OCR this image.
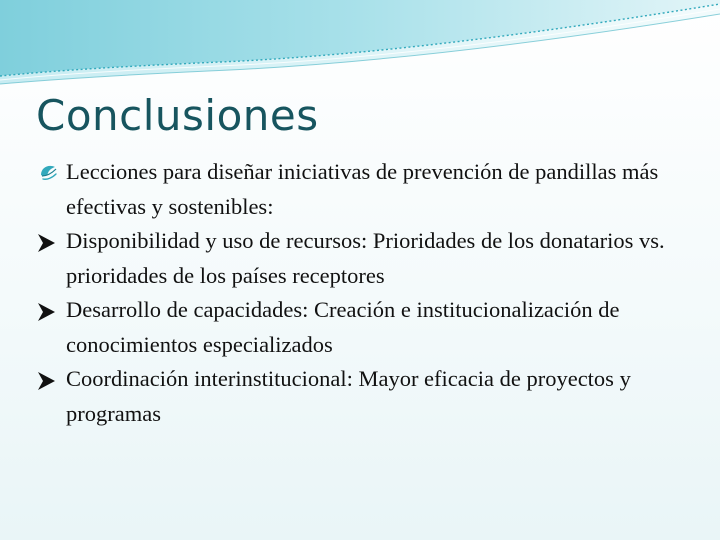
Conclusiones
Lecciones para diseñar iniciativas de prevención de pandillas más efectivas y sostenibles:
Disponibilidad y uso de recursos: Prioridades de los donatarios vs. prioridades de los países receptores
Desarrollo de capacidades: Creación e institucionalización de conocimientos especializados
Coordinación interinstitucional: Mayor eficacia de proyectos y programas
